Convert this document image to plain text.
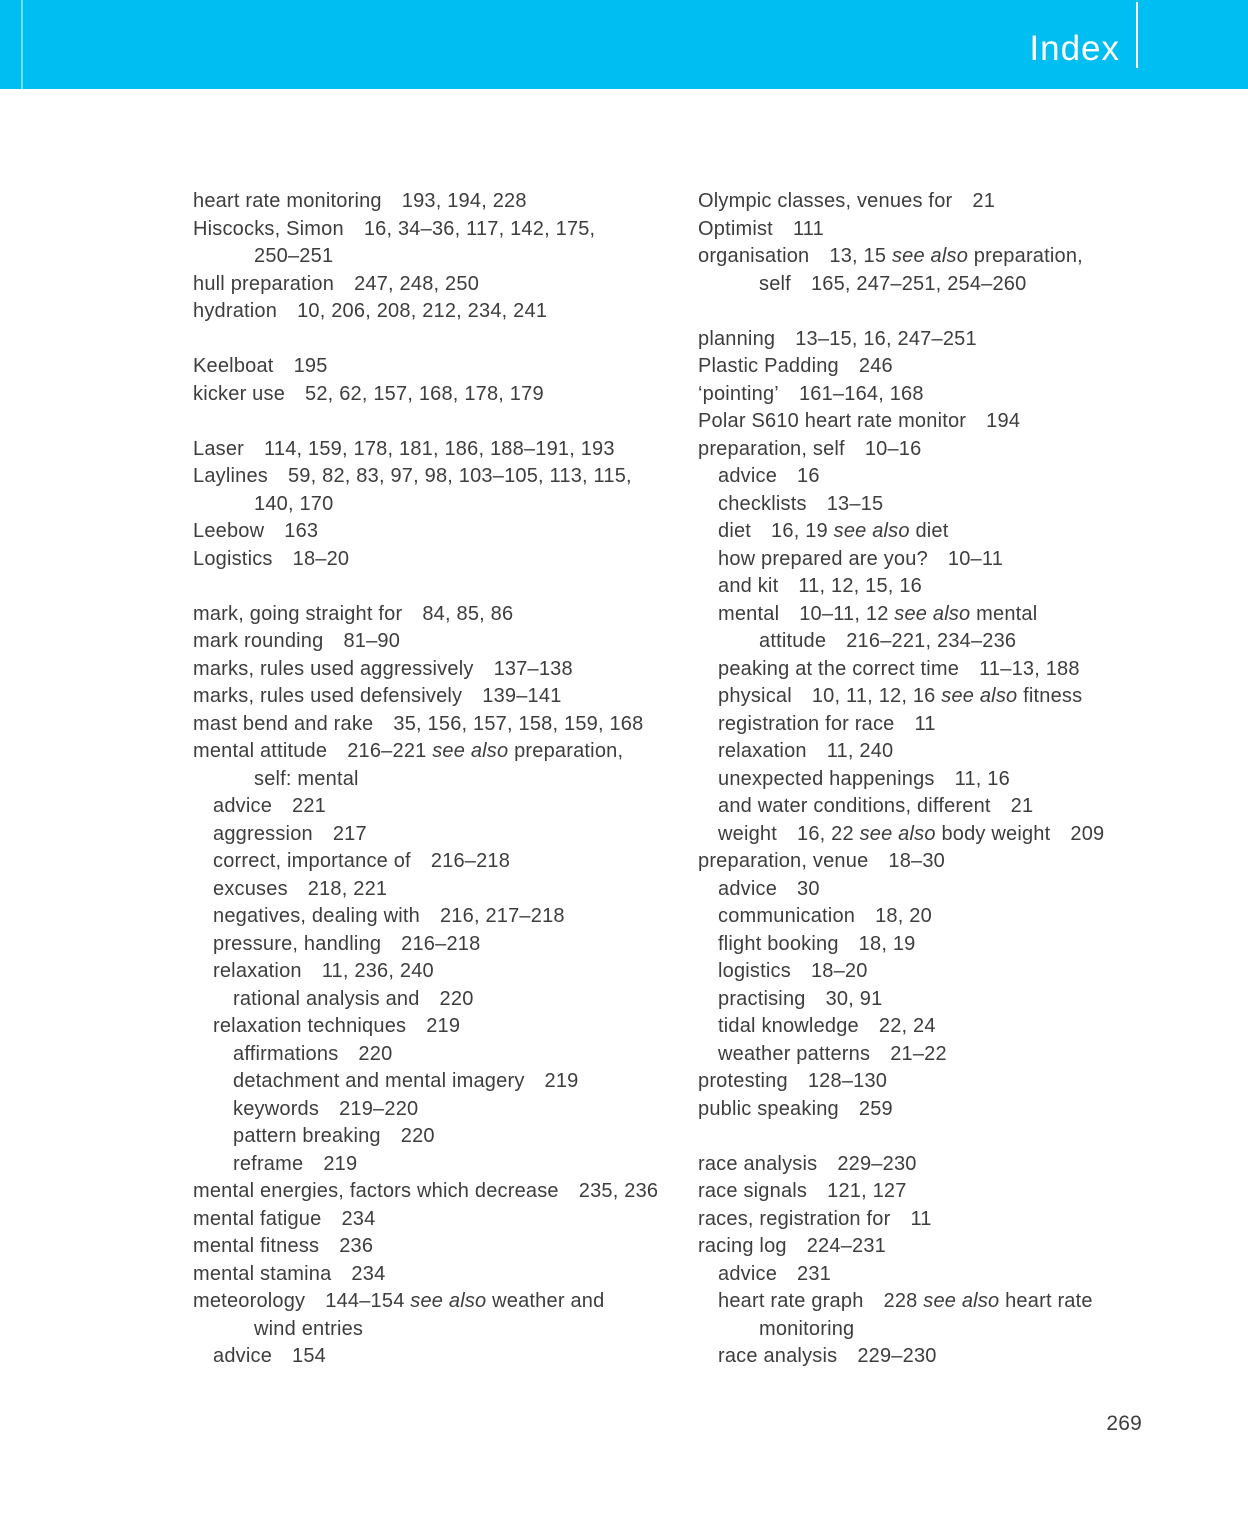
Index
heart rate monitoring 193, 194, 228
Hiscocks, Simon 16, 34–36, 117, 142, 175,
250–251
hull preparation 247, 248, 250
hydration 10, 206, 208, 212, 234, 241
Keelboat 195
kicker use 52, 62, 157, 168, 178, 179
Laser 114, 159, 178, 181, 186, 188–191, 193
Laylines 59, 82, 83, 97, 98, 103–105, 113, 115,
140, 170
Leebow 163
Logistics 18–20
mark, going straight for 84, 85, 86
mark rounding 81–90
marks, rules used aggressively 137–138
marks, rules used defensively 139–141
mast bend and rake 35, 156, 157, 158, 159, 168
mental attitude 216–221 see also preparation,
self: mental
advice 221
aggression 217
correct, importance of 216–218
excuses 218, 221
negatives, dealing with 216, 217–218
pressure, handling 216–218
relaxation 11, 236, 240
rational analysis and 220
relaxation techniques 219
affirmations 220
detachment and mental imagery 219
keywords 219–220
pattern breaking 220
reframe 219
mental energies, factors which decrease 235, 236
mental fatigue 234
mental fitness 236
mental stamina 234
meteorology 144–154 see also weather and
wind entries
advice 154
Olympic classes, venues for 21
Optimist 111
organisation 13, 15 see also preparation,
self 165, 247–251, 254–260
planning 13–15, 16, 247–251
Plastic Padding 246
‘pointing’ 161–164, 168
Polar S610 heart rate monitor 194
preparation, self 10–16
advice 16
checklists 13–15
diet 16, 19 see also diet
how prepared are you? 10–11
and kit 11, 12, 15, 16
mental 10–11, 12 see also mental
attitude 216–221, 234–236
peaking at the correct time 11–13, 188
physical 10, 11, 12, 16 see also fitness
registration for race 11
relaxation 11, 240
unexpected happenings 11, 16
and water conditions, different 21
weight 16, 22 see also body weight 209
preparation, venue 18–30
advice 30
communication 18, 20
flight booking 18, 19
logistics 18–20
practising 30, 91
tidal knowledge 22, 24
weather patterns 21–22
protesting 128–130
public speaking 259
race analysis 229–230
race signals 121, 127
races, registration for 11
racing log 224–231
advice 231
heart rate graph 228 see also heart rate
monitoring
race analysis 229–230
269
